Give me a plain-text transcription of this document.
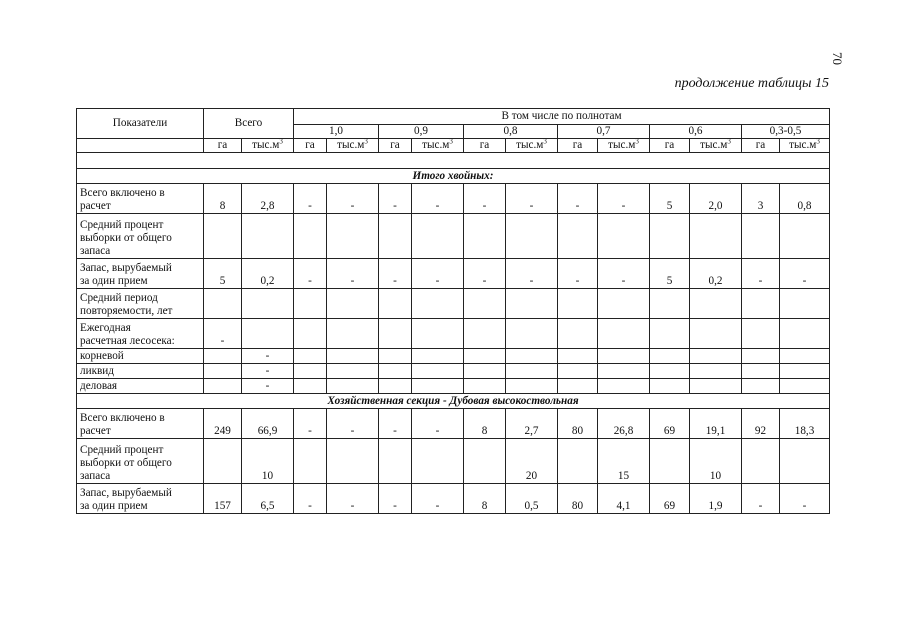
70
продолжение таблицы 15
Показатели	Всего		В том числе по полнотам											
			1,0		0,9		0,8		0,7		0,6		0,3-0,5	
	га	$тыс.м^3$	га	$тыс.м^3$	га	$тыс.м^3$	га	$тыс.м^3$	га	$тыс.м^3$	га	$тыс.м^3$	га	$тыс.м^3$

Итого хвойных:														
Всего включено в
расчет	8	2,8	-	-	-	-	-	-	-	-	5	2,0	3	0,8
Средний процент
выборки от общего
запаса														
Запас, вырубаемый
за один прием	5	0,2	-	-	-	-	-	-	-	-	5	0,2	-	-
Средний период
повторяемости, лет														
Ежегодная
расчетная лесосека:	-													
корневой		-												
ликвид		-												
деловая		-												
Хозяйственная секция - Дубовая высокоствольная														
Всего включено в
расчет	249	66,9	-	-	-	-	8	2,7	80	26,8	69	19,1	92	18,3
Средний процент
выборки от общего
запаса		10						20		15		10		
Запас, вырубаемый
за один прием	157	6,5	-	-	-	-	8	0,5	80	4,1	69	1,9	-	-
